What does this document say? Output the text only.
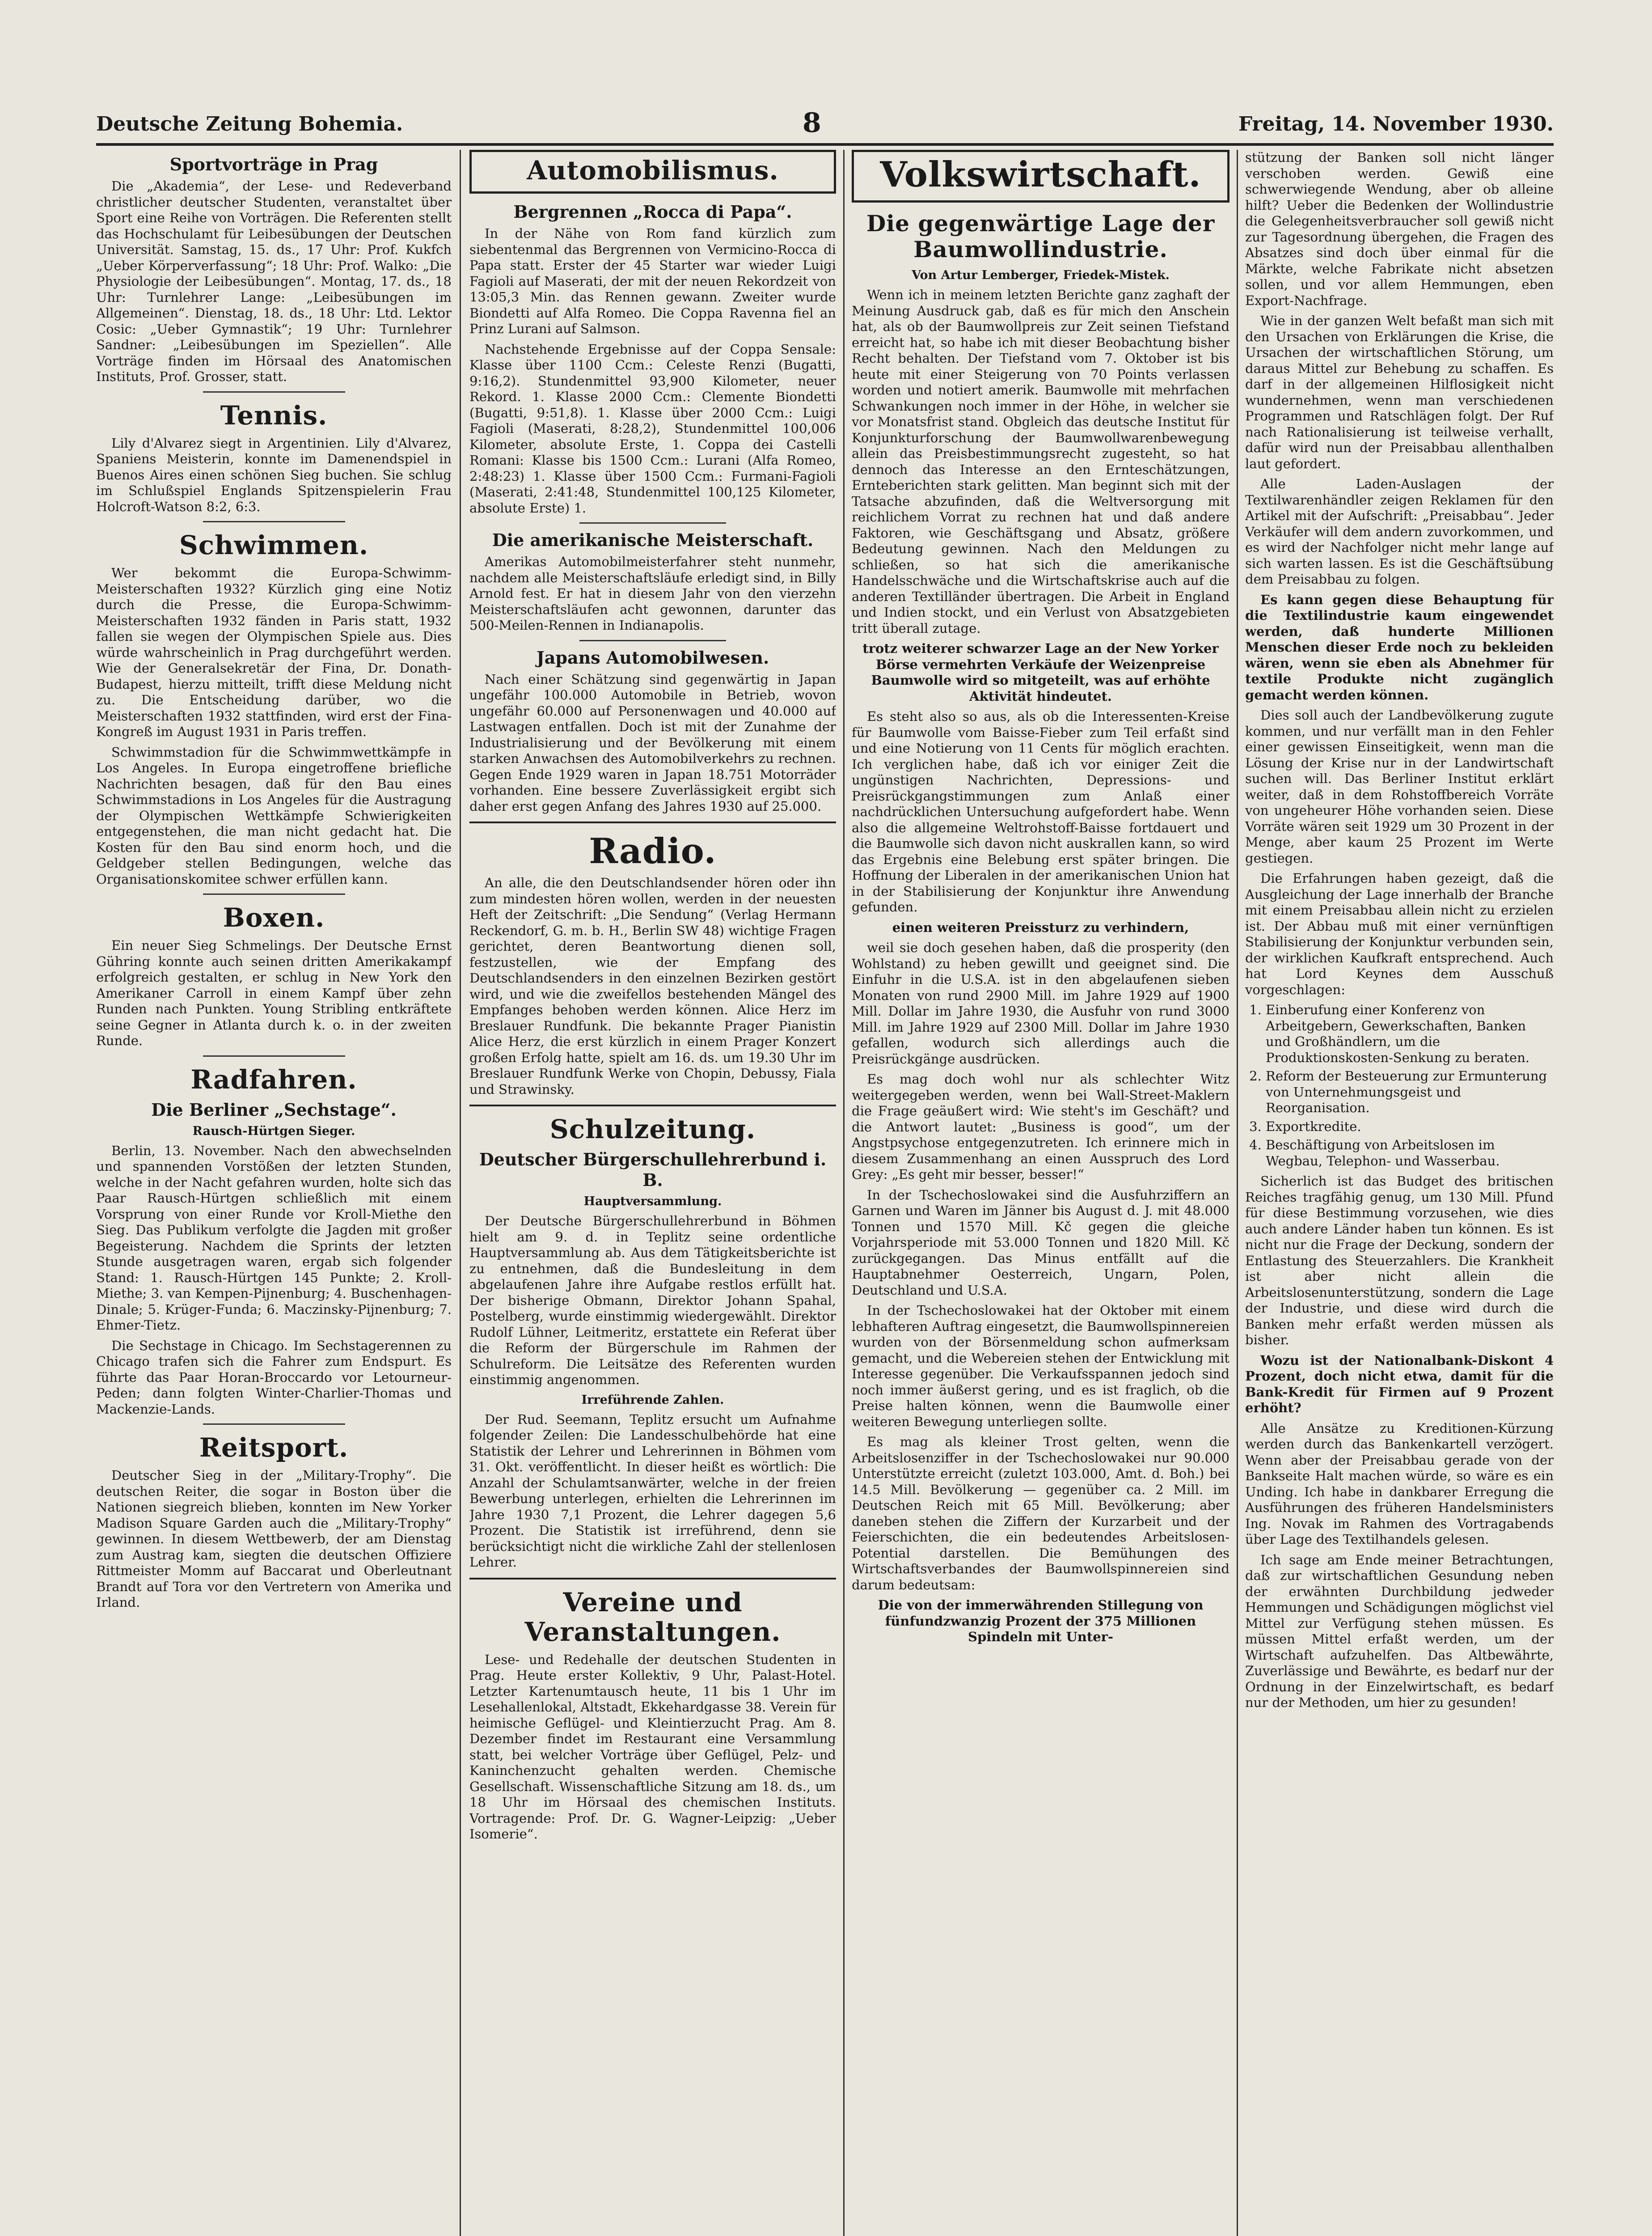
Deutsche Zeitung Bohemia.	8	Freitag, 14. November 1930.
Sportvorträge in Prag

Die „Akademia“, der Lese- und Redeverband christlicher deutscher Studenten, veranstaltet über Sport eine Reihe von Vorträgen. Die Referenten stellt das Hochschulamt für Leibesübungen der Deutschen Universität. Samstag, 15. ds., 17 Uhr: Prof. Kukfch „Ueber Körperverfassung“; 18 Uhr: Prof. Walko: „Die Physiologie der Leibesübungen“. Montag, 17. ds., 18 Uhr: Turnlehrer Lange: „Leibesübungen im Allgemeinen“. Dienstag, 18. ds., 18 Uhr: Ltd. Lektor Cosic: „Ueber Gymnastik“; 19 Uhr: Turnlehrer Sandner: „Leibesübungen im Speziellen“. Alle Vorträge finden im Hörsaal des Anatomischen Instituts, Prof. Grosser, statt.

Tennis.

Lily d'Alvarez siegt in Argentinien. Lily d'Alvarez, Spaniens Meisterin, konnte im Damenendspiel in Buenos Aires einen schönen Sieg buchen. Sie schlug im Schlußspiel Englands Spitzenspielerin Frau Holcroft-Watson 8:2, 6:3.

Schwimmen.

Wer bekommt die Europa-Schwimm-Meisterschaften 1932? Kürzlich ging eine Notiz durch die Presse, die Europa-Schwimm-Meisterschaften 1932 fänden in Paris statt, 1932 fallen sie wegen der Olympischen Spiele aus. Dies würde wahrscheinlich in Prag durchgeführt werden. Wie der Generalsekretär der Fina, Dr. Donath-Budapest, hierzu mitteilt, trifft diese Meldung nicht zu. Die Entscheidung darüber, wo die Meisterschaften 1932 stattfinden, wird erst der Fina-Kongreß im August 1931 in Paris treffen.

Schwimmstadion für die Schwimmwettkämpfe in Los Angeles. In Europa eingetroffene briefliche Nachrichten besagen, daß für den Bau eines Schwimmstadions in Los Angeles für die Austragung der Olympischen Wettkämpfe Schwierigkeiten entgegenstehen, die man nicht gedacht hat. Die Kosten für den Bau sind enorm hoch, und die Geldgeber stellen Bedingungen, welche das Organisationskomitee schwer erfüllen kann.

Boxen.

Ein neuer Sieg Schmelings. Der Deutsche Ernst Gühring konnte auch seinen dritten Amerikakampf erfolgreich gestalten, er schlug in New York den Amerikaner Carroll in einem Kampf über zehn Runden nach Punkten. Young Stribling entkräftete seine Gegner in Atlanta durch k. o. in der zweiten Runde.

Radfahren.
Die Berliner „Sechstage“.

Rausch-Hürtgen Sieger.

Berlin, 13. November. Nach den abwechselnden und spannenden Vorstößen der letzten Stunden, welche in der Nacht gefahren wurden, holte sich das Paar Rausch-Hürtgen schließlich mit einem Vorsprung von einer Runde vor Kroll-Miethe den Sieg. Das Publikum verfolgte die Jagden mit großer Begeisterung. Nachdem die Sprints der letzten Stunde ausgetragen waren, ergab sich folgender Stand: 1. Rausch-Hürtgen 145 Punkte; 2. Kroll-Miethe; 3. van Kempen-Pijnenburg; 4. Buschenhagen-Dinale; 5. Krüger-Funda; 6. Maczinsky-Pijnenburg; 7. Ehmer-Tietz.

Die Sechstage in Chicago. Im Sechstagerennen zu Chicago trafen sich die Fahrer zum Endspurt. Es führte das Paar Horan-Broccardo vor Letourneur-Peden; dann folgten Winter-Charlier-Thomas und Mackenzie-Lands.

Reitsport.

Deutscher Sieg in der „Military-Trophy“. Die deutschen Reiter, die sogar in Boston über die Nationen siegreich blieben, konnten im New Yorker Madison Square Garden auch die „Military-Trophy“ gewinnen. In diesem Wettbewerb, der am Dienstag zum Austrag kam, siegten die deutschen Offiziere Rittmeister Momm auf Baccarat und Oberleutnant Brandt auf Tora vor den Vertretern von Amerika und Irland.

Automobilismus.
Bergrennen „Rocca di Papa“.

In der Nähe von Rom fand kürzlich zum siebentenmal das Bergrennen von Vermicino-Rocca di Papa statt. Erster der 45 Starter war wieder Luigi Fagioli auf Maserati, der mit der neuen Rekordzeit von 13:05,3 Min. das Rennen gewann. Zweiter wurde Biondetti auf Alfa Romeo. Die Coppa Ravenna fiel an Prinz Lurani auf Salmson.

Nachstehende Ergebnisse auf der Coppa Sensale: Klasse über 1100 Ccm.: Celeste Renzi (Bugatti, 9:16,2). Stundenmittel 93,900 Kilometer, neuer Rekord. 1. Klasse 2000 Ccm.: Clemente Biondetti (Bugatti, 9:51,8). 1. Klasse über 2000 Ccm.: Luigi Fagioli (Maserati, 8:28,2), Stundenmittel 100,006 Kilometer, absolute Erste, 1. Coppa dei Castelli Romani: Klasse bis 1500 Ccm.: Lurani (Alfa Romeo, 2:48:23) 1. Klasse über 1500 Ccm.: Furmani-Fagioli (Maserati, 2:41:48, Stundenmittel 100,125 Kilometer, absolute Erste) 1.

Die amerikanische Meisterschaft.

Amerikas Automobilmeisterfahrer steht nunmehr, nachdem alle Meisterschaftsläufe erledigt sind, in Billy Arnold fest. Er hat in diesem Jahr von den vierzehn Meisterschaftsläufen acht gewonnen, darunter das 500-Meilen-Rennen in Indianapolis.

Japans Automobilwesen.

Nach einer Schätzung sind gegenwärtig in Japan ungefähr 100.000 Automobile in Betrieb, wovon ungefähr 60.000 auf Personenwagen und 40.000 auf Lastwagen entfallen. Doch ist mit der Zunahme der Industrialisierung und der Bevölkerung mit einem starken Anwachsen des Automobilverkehrs zu rechnen. Gegen Ende 1929 waren in Japan 18.751 Motorräder vorhanden. Eine bessere Zuverlässigkeit ergibt sich daher erst gegen Anfang des Jahres 1930 auf 25.000.

Radio.

An alle, die den Deutschlandsender hören oder ihn zum mindesten hören wollen, werden in der neuesten Heft der Zeitschrift: „Die Sendung“ (Verlag Hermann Reckendorf, G. m. b. H., Berlin SW 48) wichtige Fragen gerichtet, deren Beantwortung dienen soll, festzustellen, wie der Empfang des Deutschlandsenders in den einzelnen Bezirken gestört wird, und wie die zweifellos bestehenden Mängel des Empfanges behoben werden können. Alice Herz im Breslauer Rundfunk. Die bekannte Prager Pianistin Alice Herz, die erst kürzlich in einem Prager Konzert großen Erfolg hatte, spielt am 16. ds. um 19.30 Uhr im Breslauer Rundfunk Werke von Chopin, Debussy, Fiala und Strawinsky.

Schulzeitung.
Deutscher Bürgerschullehrerbund i. B.

Hauptversammlung.

Der Deutsche Bürgerschullehrerbund in Böhmen hielt am 9. d. in Teplitz seine ordentliche Hauptversammlung ab. Aus dem Tätigkeitsberichte ist zu entnehmen, daß die Bundesleitung in dem abgelaufenen Jahre ihre Aufgabe restlos erfüllt hat. Der bisherige Obmann, Direktor Johann Spahal, Postelberg, wurde einstimmig wiedergewählt. Direktor Rudolf Lühner, Leitmeritz, erstattete ein Referat über die Reform der Bürgerschule im Rahmen der Schulreform. Die Leitsätze des Referenten wurden einstimmig angenommen.

Irreführende Zahlen.

Der Rud. Seemann, Teplitz ersucht um Aufnahme folgender Zeilen: Die Landesschulbehörde hat eine Statistik der Lehrer und Lehrerinnen in Böhmen vom 31. Okt. veröffentlicht. In dieser heißt es wörtlich: Die Anzahl der Schulamtsanwärter, welche in der freien Bewerbung unterlegen, erhielten die Lehrerinnen im Jahre 1930 7,1 Prozent, die Lehrer dagegen 5,6 Prozent. Die Statistik ist irreführend, denn sie berücksichtigt nicht die wirkliche Zahl der stellenlosen Lehrer.

Vereine und Veranstaltungen.

Lese- und Redehalle der deutschen Studenten in Prag. Heute erster Kollektiv, 9 Uhr, Palast-Hotel. Letzter Kartenumtausch heute, 11 bis 1 Uhr im Lesehallenlokal, Altstadt, Ekkehardgasse 38. Verein für heimische Geflügel- und Kleintierzucht Prag. Am 8. Dezember findet im Restaurant eine Versammlung statt, bei welcher Vorträge über Geflügel, Pelz- und Kaninchenzucht gehalten werden. Chemische Gesellschaft. Wissenschaftliche Sitzung am 18. ds., um 18 Uhr im Hörsaal des chemischen Instituts. Vortragende: Prof. Dr. G. Wagner-Leipzig: „Ueber Isomerie“.

Volkswirtschaft.
Die gegenwärtige Lage der Baumwollindustrie.

Von Artur Lemberger, Friedek-Mistek.

Wenn ich in meinem letzten Berichte ganz zaghaft der Meinung Ausdruck gab, daß es für mich den Anschein hat, als ob der Baumwollpreis zur Zeit seinen Tiefstand erreicht hat, so habe ich mit dieser Beobachtung bisher Recht behalten. Der Tiefstand vom 7. Oktober ist bis heute mit einer Steigerung von 70 Points verlassen worden und notiert amerik. Baumwolle mit mehrfachen Schwankungen noch immer in der Höhe, in welcher sie vor Monatsfrist stand. Obgleich das deutsche Institut für Konjunkturforschung der Baumwollwarenbewegung allein das Preisbestimmungsrecht zugesteht, so hat dennoch das Interesse an den Ernteschätzungen, Ernteberichten stark gelitten. Man beginnt sich mit der Tatsache abzufinden, daß die Weltversorgung mit reichlichem Vorrat zu rechnen hat und daß andere Faktoren, wie Geschäftsgang und Absatz, größere Bedeutung gewinnen. Nach den Meldungen zu schließen, so hat sich die amerikanische Handelsschwäche und die Wirtschaftskrise auch auf die anderen Textilländer übertragen. Die Arbeit in England und Indien stockt, und ein Verlust von Absatzgebieten tritt überall zutage.

trotz weiterer schwarzer Lage an der New Yorker Börse vermehrten Verkäufe der Weizenpreise Baumwolle wird so mitgeteilt, was auf erhöhte Aktivität hindeutet.

Es steht also so aus, als ob die Interessenten-Kreise für Baumwolle vom Baisse-Fieber zum Teil erfaßt sind und eine Notierung von 11 Cents für möglich erachten. Ich verglichen habe, daß ich vor einiger Zeit die ungünstigen Nachrichten, Depressions- und Preisrückgangstimmungen zum Anlaß einer nachdrücklichen Untersuchung aufgefordert habe. Wenn also die allgemeine Weltrohstoff-Baisse fortdauert und die Baumwolle sich davon nicht auskrallen kann, so wird das Ergebnis eine Belebung erst später bringen. Die Hoffnung der Liberalen in der amerikanischen Union hat in der Stabilisierung der Konjunktur ihre Anwendung gefunden.

einen weiteren Preissturz zu verhindern,

weil sie doch gesehen haben, daß die prosperity (den Wohlstand) zu heben gewillt und geeignet sind. Die Einfuhr in die U.S.A. ist in den abgelaufenen sieben Monaten von rund 2900 Mill. im Jahre 1929 auf 1900 Mill. Dollar im Jahre 1930, die Ausfuhr von rund 3000 Mill. im Jahre 1929 auf 2300 Mill. Dollar im Jahre 1930 gefallen, wodurch sich allerdings auch die Preisrückgänge ausdrücken.

Es mag doch wohl nur als schlechter Witz weitergegeben werden, wenn bei Wall-Street-Maklern die Frage geäußert wird: Wie steht's im Geschäft? und die Antwort lautet: „Business is good“, um der Angstpsychose entgegenzutreten. Ich erinnere mich in diesem Zusammenhang an einen Ausspruch des Lord Grey: „Es geht mir besser, besser!“

In der Tschechoslowakei sind die Ausfuhrziffern an Garnen und Waren im Jänner bis August d. J. mit 48.000 Tonnen und 1570 Mill. Kč gegen die gleiche Vorjahrsperiode mit 53.000 Tonnen und 1820 Mill. Kč zurückgegangen. Das Minus entfällt auf die Hauptabnehmer Oesterreich, Ungarn, Polen, Deutschland und U.S.A.

In der Tschechoslowakei hat der Oktober mit einem lebhafteren Auftrag eingesetzt, die Baumwollspinnereien wurden von der Börsenmeldung schon aufmerksam gemacht, und die Webereien stehen der Entwicklung mit Interesse gegenüber. Die Verkaufsspannen jedoch sind noch immer äußerst gering, und es ist fraglich, ob die Preise halten können, wenn die Baumwolle einer weiteren Bewegung unterliegen sollte.

Es mag als kleiner Trost gelten, wenn die Arbeitslosenziffer in der Tschechoslowakei nur 90.000 Unterstützte erreicht (zuletzt 103.000, Amt. d. Boh.) bei 14.5 Mill. Bevölkerung — gegenüber ca. 2 Mill. im Deutschen Reich mit 65 Mill. Bevölkerung; aber daneben stehen die Ziffern der Kurzarbeit und der Feierschichten, die ein bedeutendes Arbeitslosen-Potential darstellen. Die Bemühungen des Wirtschaftsverbandes der Baumwollspinnereien sind darum bedeutsam:

Die von der immerwährenden Stillegung von fünfundzwanzig Prozent der 375 Millionen Spindeln mit Unter-

stützung der Banken soll nicht länger verschoben werden. Gewiß eine schwerwiegende Wendung, aber ob alleine hilft? Ueber die Bedenken der Wollindustrie die Gelegenheitsverbraucher soll gewiß nicht zur Tagesordnung übergehen, die Fragen des Absatzes sind doch über einmal für die Märkte, welche Fabrikate nicht absetzen sollen, und vor allem Hemmungen, eben Export-Nachfrage.

Wie in der ganzen Welt befaßt man sich mit den Ursachen von Erklärungen die Krise, die Ursachen der wirtschaftlichen Störung, um daraus Mittel zur Behebung zu schaffen. Es darf in der allgemeinen Hilflosigkeit nicht wundernehmen, wenn man verschiedenen Programmen und Ratschlägen folgt. Der Ruf nach Rationalisierung ist teilweise verhallt, dafür wird nun der Preisabbau allenthalben laut gefordert.

Alle Laden-Auslagen der Textilwarenhändler zeigen Reklamen für den Artikel mit der Aufschrift: „Preisabbau“. Jeder Verkäufer will dem andern zuvorkommen, und es wird der Nachfolger nicht mehr lange auf sich warten lassen. Es ist die Geschäftsübung dem Preisabbau zu folgen.

Es kann gegen diese Behauptung für die Textilindustrie kaum eingewendet werden, daß hunderte Millionen Menschen dieser Erde noch zu bekleiden wären, wenn sie eben als Abnehmer für textile Produkte nicht zugänglich gemacht werden können.

Dies soll auch der Landbevölkerung zugute kommen, und nur verfällt man in den Fehler einer gewissen Einseitigkeit, wenn man die Lösung der Krise nur in der Landwirtschaft suchen will. Das Berliner Institut erklärt weiter, daß in dem Rohstoffbereich Vorräte von ungeheurer Höhe vorhanden seien. Diese Vorräte wären seit 1929 um 30 Prozent in der Menge, aber kaum 25 Prozent im Werte gestiegen.

Die Erfahrungen haben gezeigt, daß die Ausgleichung der Lage innerhalb der Branche mit einem Preisabbau allein nicht zu erzielen ist. Der Abbau muß mit einer vernünftigen Stabilisierung der Konjunktur verbunden sein, der wirklichen Kaufkraft entsprechend. Auch hat Lord Keynes dem Ausschuß vorgeschlagen:

1. Einberufung einer Konferenz von Arbeitgebern, Gewerkschaften, Banken und Großhändlern, um die Produktionskosten-Senkung zu beraten.
2. Reform der Besteuerung zur Ermunterung von Unternehmungsgeist und Reorganisation.
3. Exportkredite.
4. Beschäftigung von Arbeitslosen im Wegbau, Telephon- und Wasserbau.

Sicherlich ist das Budget des britischen Reiches tragfähig genug, um 130 Mill. Pfund für diese Bestimmung vorzusehen, wie dies auch andere Länder haben tun können. Es ist nicht nur die Frage der Deckung, sondern der Entlastung des Steuerzahlers. Die Krankheit ist aber nicht allein die Arbeitslosenunterstützung, sondern die Lage der Industrie, und diese wird durch die Banken mehr erfaßt werden müssen als bisher.

Wozu ist der Nationalbank-Diskont 4 Prozent, doch nicht etwa, damit für die Bank-Kredit für Firmen auf 9 Prozent erhöht?

Alle Ansätze zu Kreditionen-Kürzung werden durch das Bankenkartell verzögert. Wenn aber der Preisabbau gerade von der Bankseite Halt machen würde, so wäre es ein Unding. Ich habe in dankbarer Erregung die Ausführungen des früheren Handelsministers Ing. Novak im Rahmen des Vortragabends über Lage des Textilhandels gelesen.

Ich sage am Ende meiner Betrachtungen, daß zur wirtschaftlichen Gesundung neben der erwähnten Durchbildung jedweder Hemmungen und Schädigungen möglichst viel Mittel zur Verfügung stehen müssen. Es müssen Mittel erfaßt werden, um der Wirtschaft aufzuhelfen. Das Altbewährte, Zuverlässige und Bewährte, es bedarf nur der Ordnung in der Einzelwirtschaft, es bedarf nur der Methoden, um hier zu gesunden!
